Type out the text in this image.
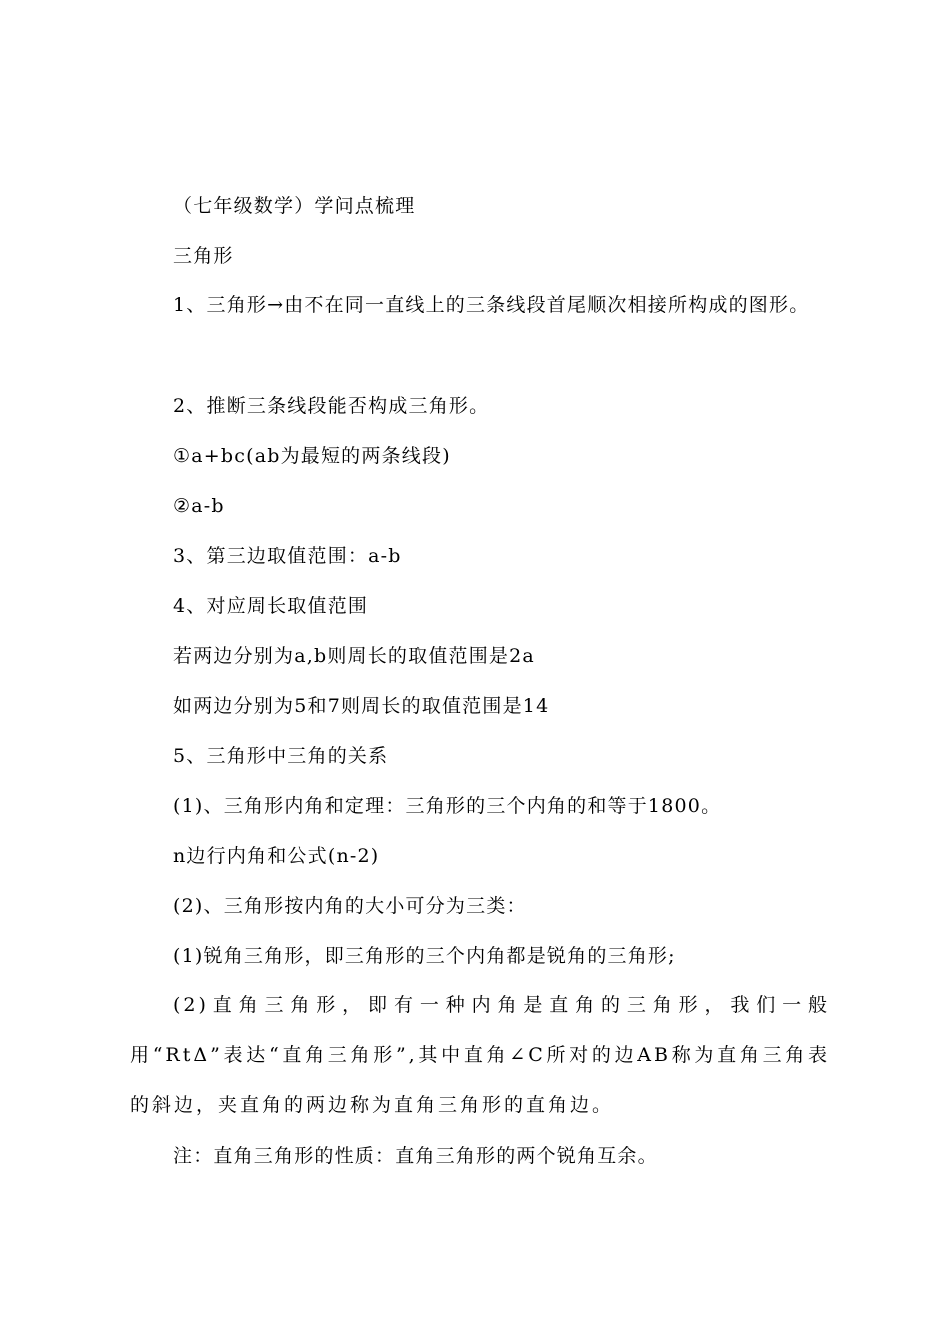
（七年级数学）学问点梳理
三角形
1、三角形→由不在同一直线上的三条线段首尾顺次相接所构成的图形。
2、推断三条线段能否构成三角形。
①a+bc(ab为最短的两条线段)
②a-b
3、第三边取值范围：a-b
4、对应周长取值范围
若两边分别为a,b则周长的取值范围是2a
如两边分别为5和7则周长的取值范围是14
5、三角形中三角的关系
(1)、三角形内角和定理：三角形的三个内角的和等于1800。
n边行内角和公式(n-2)
(2)、三角形按内角的大小可分为三类：
(1)锐角三角形，即三角形的三个内角都是锐角的三角形;
(2)直角三角形，即有一种内角是直角的三角形，我们一般用“RtΔ”表达“直角三角形”,其中直角∠C所对的边AB称为直角三角表的斜边，夹直角的两边称为直角三角形的直角边。
注：直角三角形的性质：直角三角形的两个锐角互余。
